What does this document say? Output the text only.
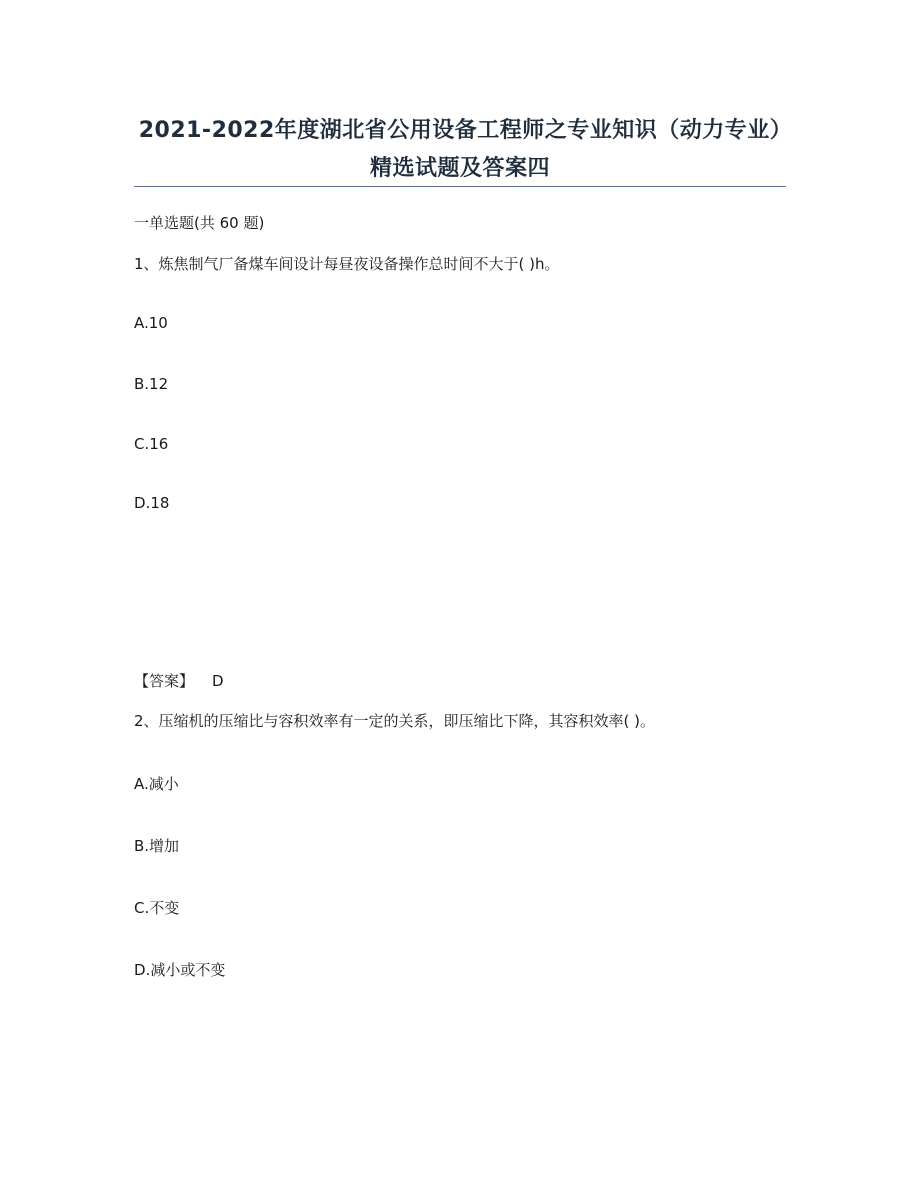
2021-2022年度湖北省公用设备工程师之专业知识（动力专业）精选试题及答案四
一单选题(共 60 题)
1、炼焦制气厂备煤车间设计每昼夜设备操作总时间不大于( )h。
A.10
B.12
C.16
D.18
【答案】 D
2、压缩机的压缩比与容积效率有一定的关系，即压缩比下降，其容积效率( )。
A.减小
B.增加
C.不变
D.减小或不变
